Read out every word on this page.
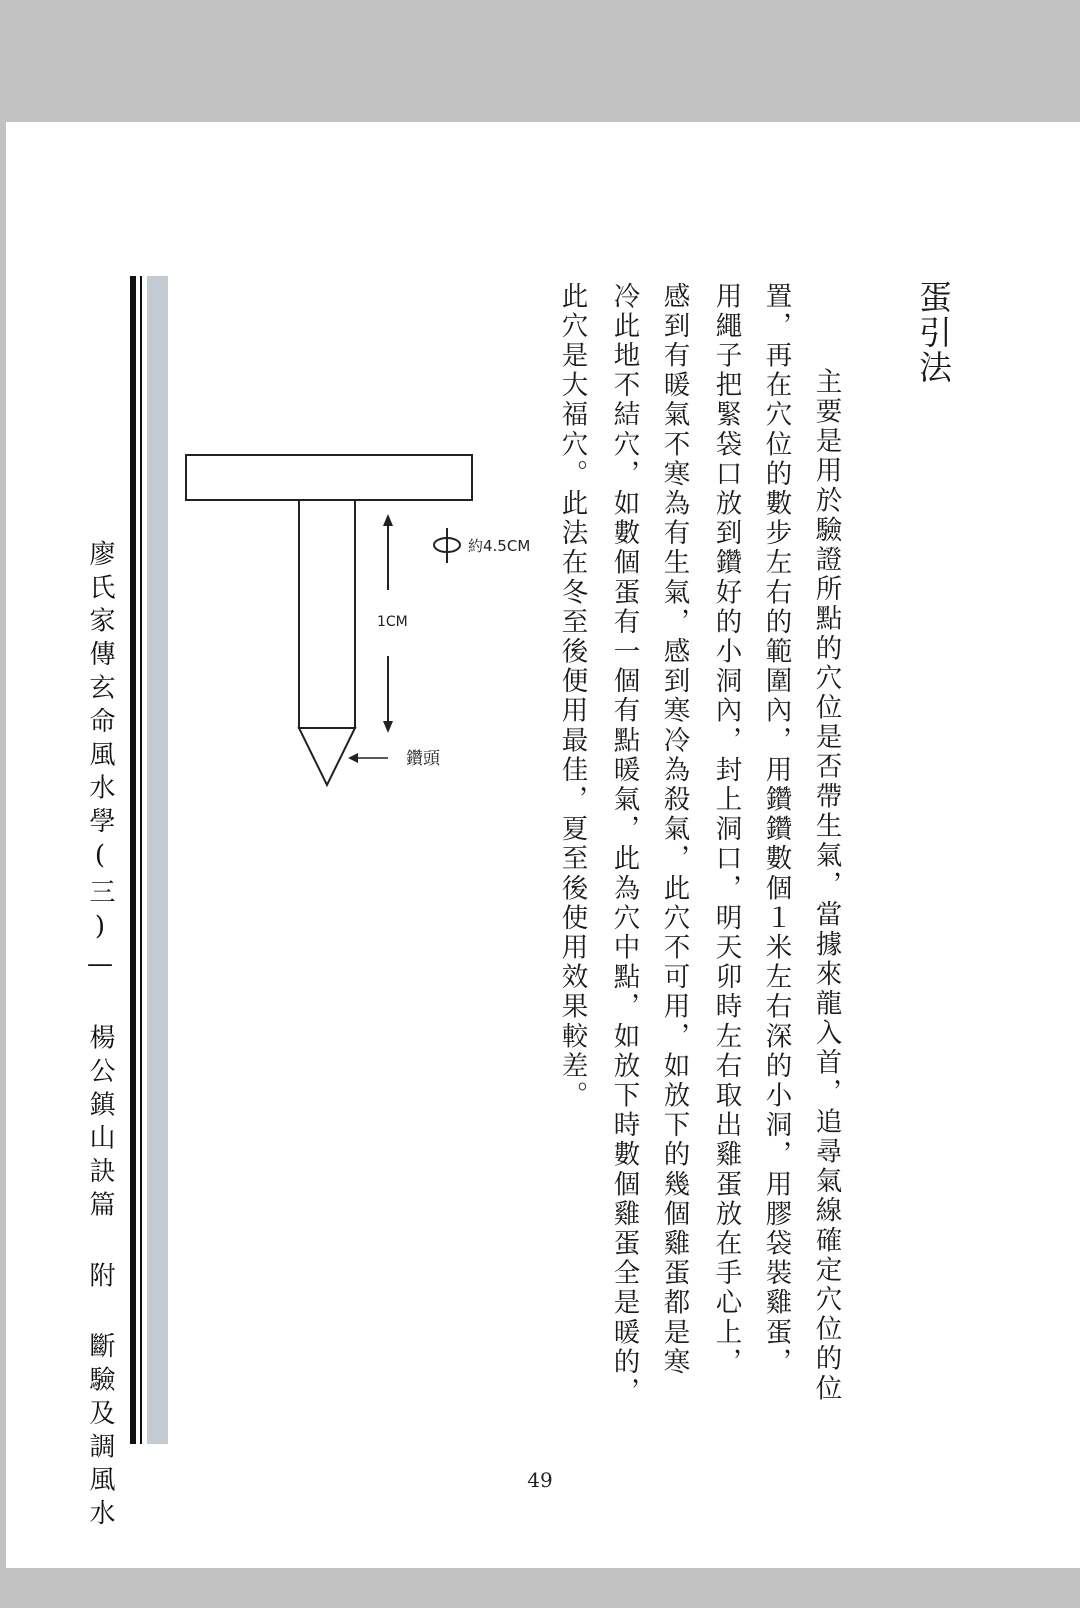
蛋引法
　主要是用於驗證所點的穴位是否帶生氣，當據來龍入首，追尋氣線確定穴位的位
置，再在穴位的數步左右的範圍內，用鑽鑽數個１米左右深的小洞，用膠袋裝雞蛋，
用繩子把緊袋口放到鑽好的小洞內，封上洞口，明天卯時左右取出雞蛋放在手心上，
感到有暖氣不寒為有生氣，感到寒冷為殺氣，此穴不可用，如放下的幾個雞蛋都是寒
冷此地不結穴，如數個蛋有一個有點暖氣，此為穴中點，如放下時數個雞蛋全是暖的，
此穴是大福穴。此法在冬至後便用最佳，夏至後使用效果較差。
廖氏家傳玄命風水學(三)— 楊公鎮山訣篇 附 斷驗及調風水	1CM
約4.5CM
鑽頭
49
